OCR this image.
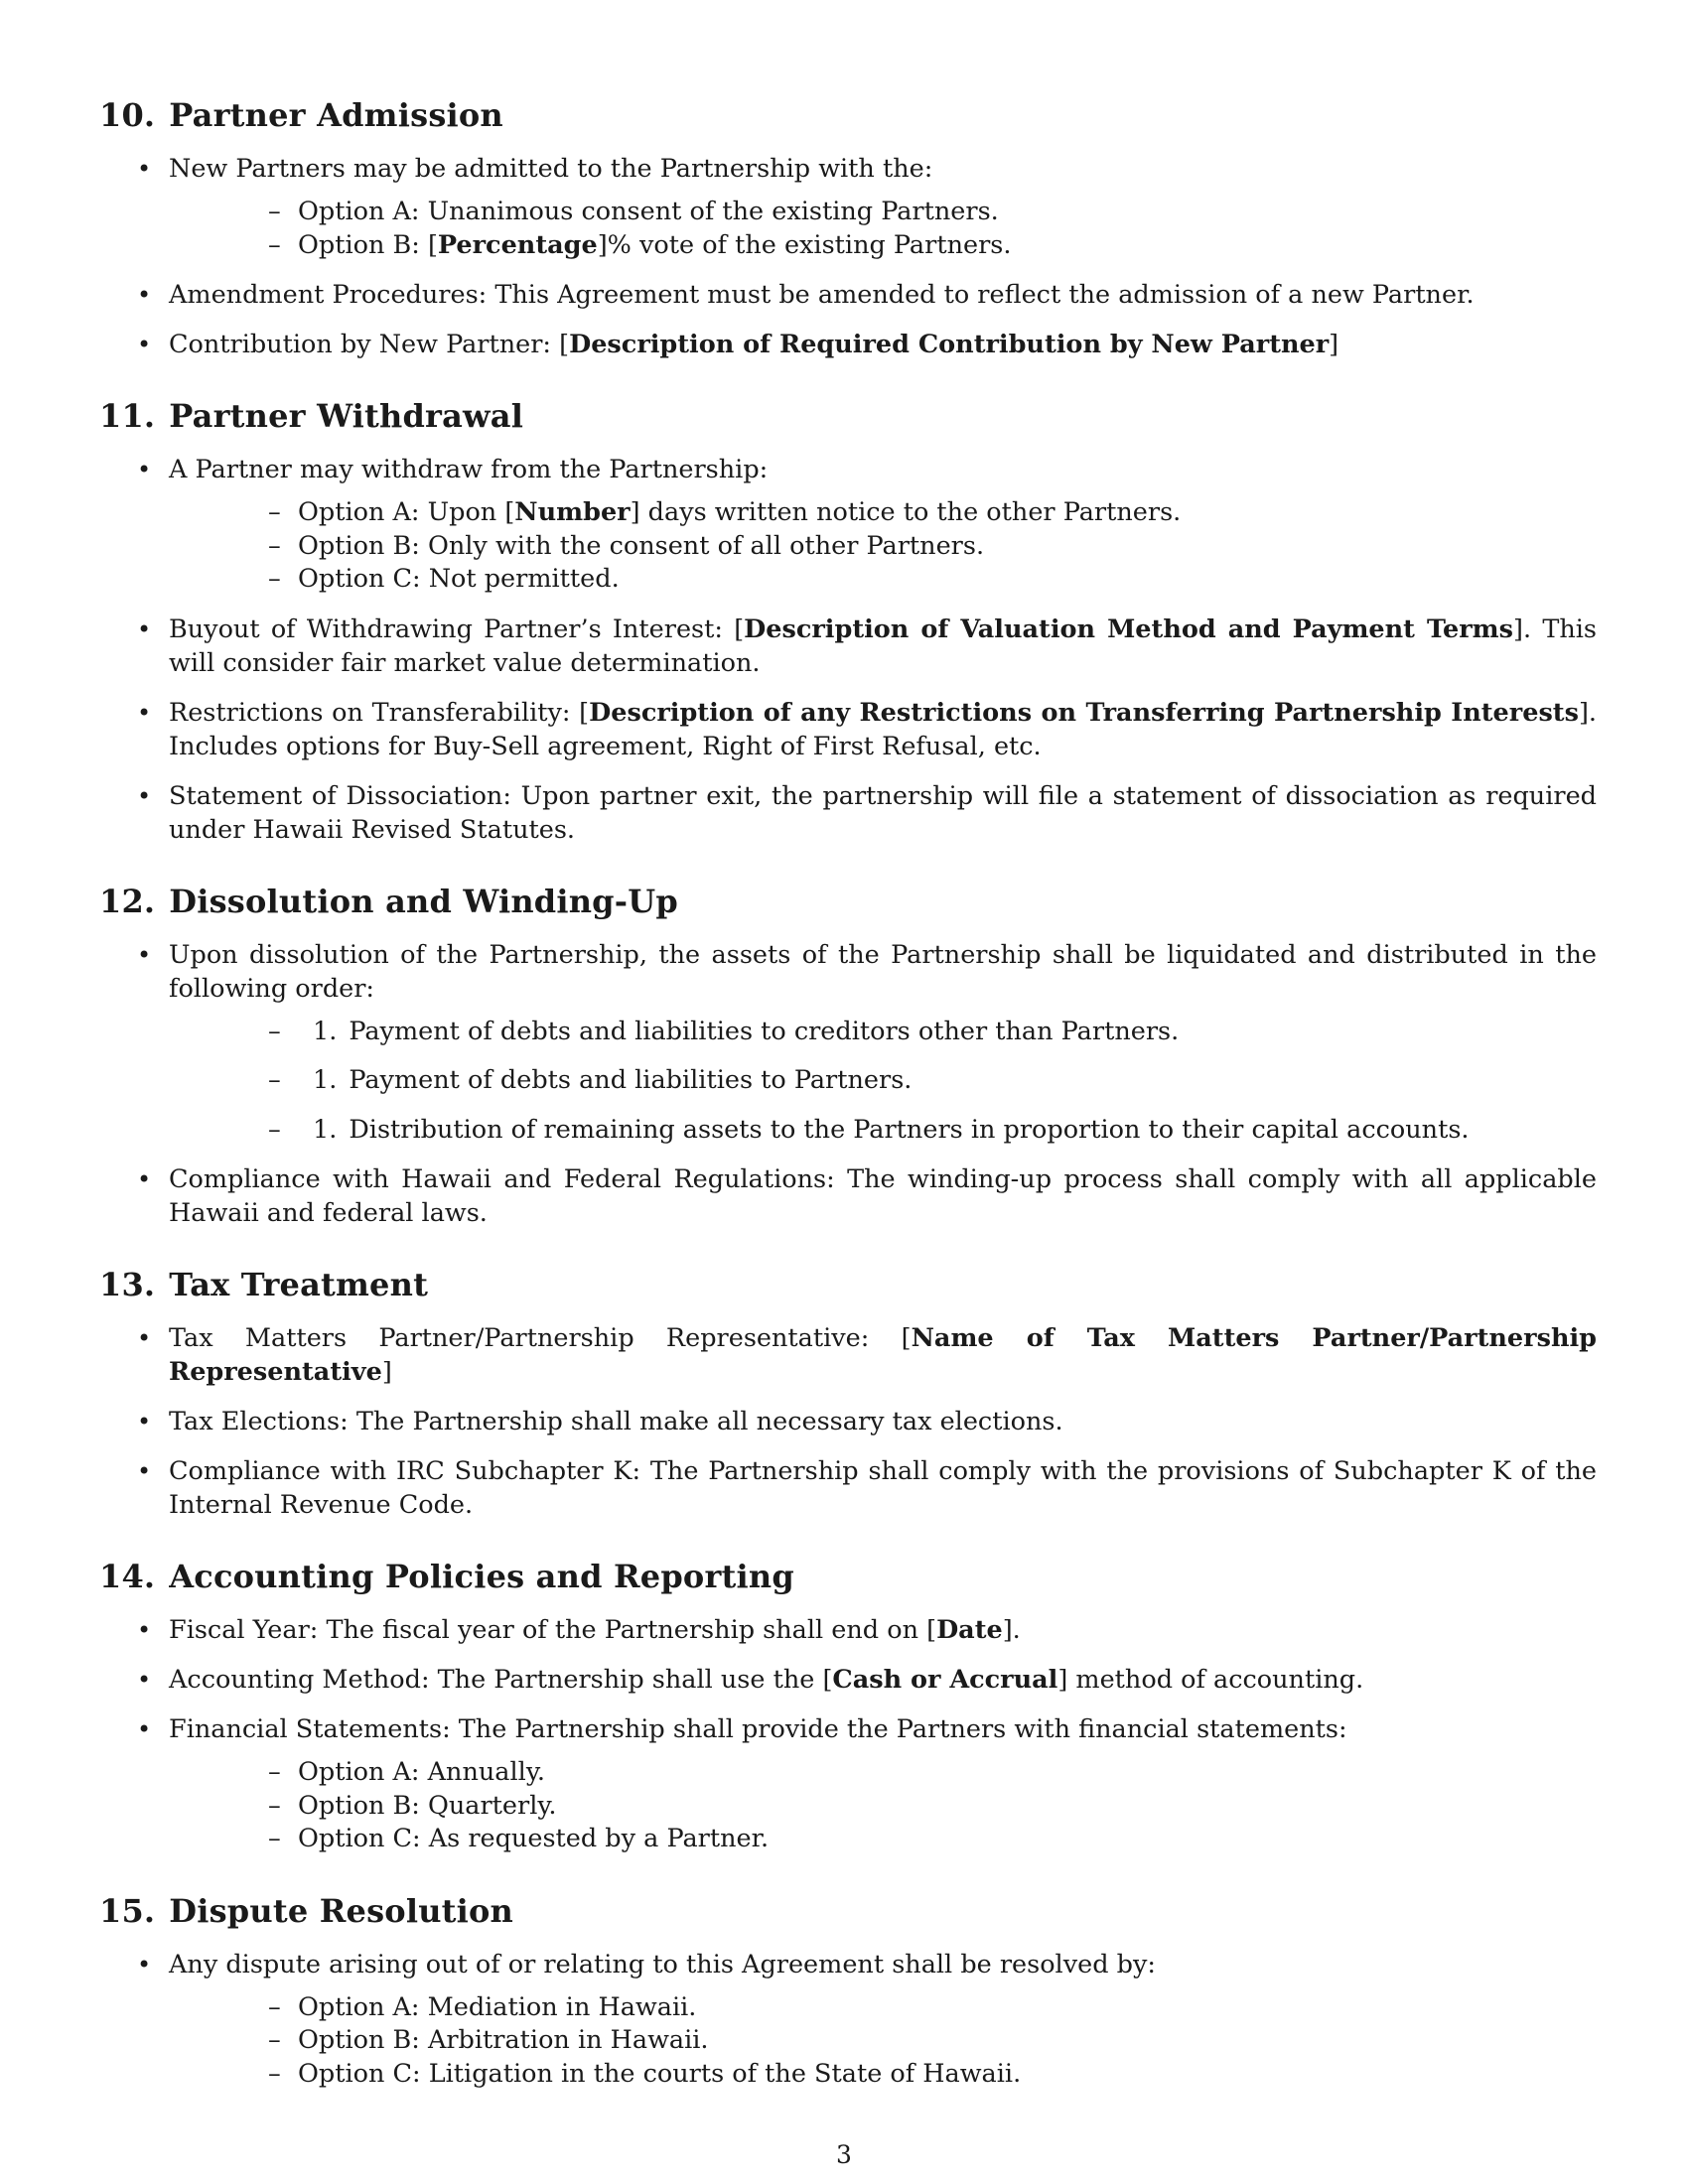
10. Partner Admission
• New Partners may be admitted to the Partnership with the:
– Option A: Unanimous consent of the existing Partners.
– Option B: [Percentage]% vote of the existing Partners.
• Amendment Procedures: This Agreement must be amended to reflect the admission of a new Partner.
• Contribution by New Partner: [Description of Required Contribution by New Partner]
11. Partner Withdrawal
• A Partner may withdraw from the Partnership:
– Option A: Upon [Number] days written notice to the other Partners.
– Option B: Only with the consent of all other Partners.
– Option C: Not permitted.
• Buyout of Withdrawing Partner’s Interest: [Description of Valuation Method and Payment Terms]. This will consider fair market value determination.
• Restrictions on Transferability: [Description of any Restrictions on Transferring Partnership Interests]. Includes options for Buy-Sell agreement, Right of First Refusal, etc.
• Statement of Dissociation: Upon partner exit, the partnership will file a statement of dissociation as required under Hawaii Revised Statutes.
12. Dissolution and Winding-Up
• Upon dissolution of the Partnership, the assets of the Partnership shall be liquidated and distributed in the following order:
– 1. Payment of debts and liabilities to creditors other than Partners.
– 1. Payment of debts and liabilities to Partners.
– 1. Distribution of remaining assets to the Partners in proportion to their capital accounts.
• Compliance with Hawaii and Federal Regulations: The winding-up process shall comply with all applicable Hawaii and federal laws.
13. Tax Treatment
• Tax Matters Partner/Partnership Representative: [Name of Tax Matters Partner/Partnership Representative]
• Tax Elections: The Partnership shall make all necessary tax elections.
• Compliance with IRC Subchapter K: The Partnership shall comply with the provisions of Subchapter K of the Internal Revenue Code.
14. Accounting Policies and Reporting
• Fiscal Year: The fiscal year of the Partnership shall end on [Date].
• Accounting Method: The Partnership shall use the [Cash or Accrual] method of accounting.
• Financial Statements: The Partnership shall provide the Partners with financial statements:
– Option A: Annually.
– Option B: Quarterly.
– Option C: As requested by a Partner.
15. Dispute Resolution
• Any dispute arising out of or relating to this Agreement shall be resolved by:
– Option A: Mediation in Hawaii.
– Option B: Arbitration in Hawaii.
– Option C: Litigation in the courts of the State of Hawaii.
3
